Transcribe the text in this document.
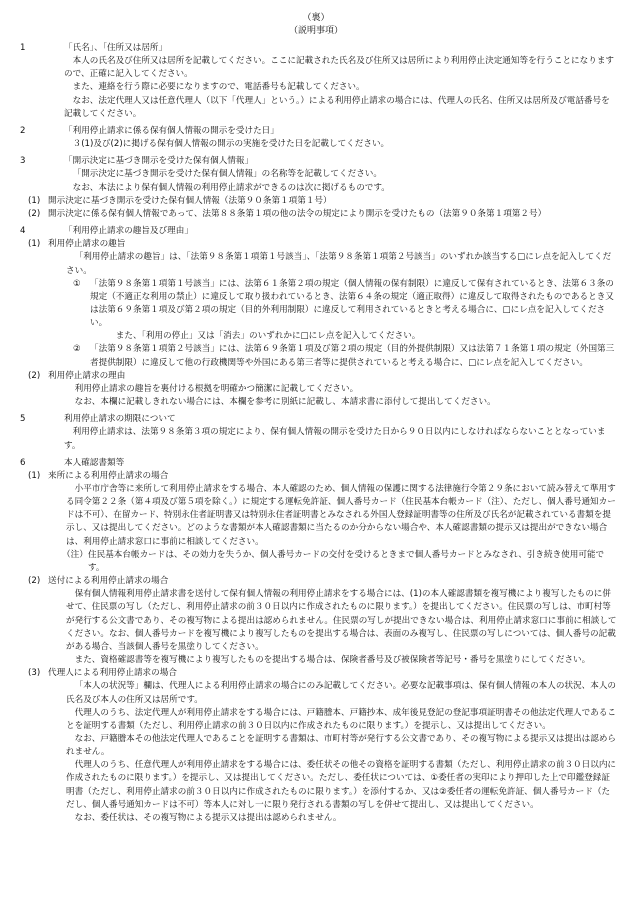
（裏）
（説明事項）
1	「氏名」、「住所又は居所」
本人の氏名及び住所又は居所を記載してください。ここに記載された氏名及び住所又は居所により利用停止決定通知等を行うことになりますので、正確に記入してください。
また、連絡を行う際に必要になりますので、電話番号も記載してください。
なお、法定代理人又は任意代理人（以下「代理人」という。）による利用停止請求の場合には、代理人の氏名、住所又は居所及び電話番号を記載してください。
2	「利用停止請求に係る保有個人情報の開示を受けた日」
３(1)及び(2)に掲げる保有個人情報の開示の実施を受けた日を記載してください。
3	「開示決定に基づき開示を受けた保有個人情報」
「開示決定に基づき開示を受けた保有個人情報」の名称等を記載してください。
なお、本法により保有個人情報の利用停止請求ができるのは次に掲げるものです。
(1) 開示決定に基づき開示を受けた保有個人情報（法第９０条第１項第１号）
(2) 開示決定に係る保有個人情報であって、法第８８条第１項の他の法令の規定により開示を受けたもの（法第９０条第１項第２号）
4	「利用停止請求の趣旨及び理由」
(1) 利用停止請求の趣旨
「利用停止請求の趣旨」は、「法第９８条第１項第１号該当」、「法第９８条第１項第２号該当」のいずれか該当する□にレ点を記入してください。
① 「法第９８条第１項第１号該当」には、法第６１条第２項の規定（個人情報の保有制限）に違反して保有されているとき、法第６３条の規定（不適正な利用の禁止）に違反して取り扱われているとき、法第６４条の規定（適正取得）に違反して取得されたものであるとき又は法第６９条第１項及び第２項の規定（目的外利用制限）に違反して利用されているときと考える場合に、□にレ点を記入してください。
また、「利用の停止」又は「消去」のいずれかに□にレ点を記入してください。
② 「法第９８条第１項第２号該当」には、法第６９条第１項及び第２項の規定（目的外提供制限）又は法第７１条第１項の規定（外国第三者提供制限）に違反して他の行政機関等や外国にある第三者等に提供されていると考える場合に、□にレ点を記入してください。
(2) 利用停止請求の理由
利用停止請求の趣旨を裏付ける根拠を明確かつ簡潔に記載してください。
なお、本欄に記載しきれない場合には、本欄を参考に別紙に記載し、本請求書に添付して提出してください。
5	利用停止請求の期限について
利用停止請求は、法第９８条第３項の規定により、保有個人情報の開示を受けた日から９０日以内にしなければならないこととなっています。
6	本人確認書類等
(1) 来所による利用停止請求の場合
小平市庁舎等に来所して利用停止請求をする場合、本人確認のため、個人情報の保護に関する法律施行令第２９条において読み替えて準用する同令第２２条（第４項及び第５項を除く。）に規定する運転免許証、個人番号カード（住民基本台帳カード（注）、ただし、個人番号通知カードは不可）、在留カード、特別永住者証明書又は特別永住者証明書とみなされる外国人登録証明書等の住所及び氏名が記載されている書類を提示し、又は提出してください。どのような書類が本人確認書類に当たるのか分からない場合や、本人確認書類の提示又は提出ができない場合は、利用停止請求窓口に事前に相談してください。
（注） 住民基本台帳カードは、その効力を失うか、個人番号カードの交付を受けるときまで個人番号カードとみなされ、引き続き使用可能です。
(2) 送付による利用停止請求の場合
保有個人情報利用停止請求書を送付して保有個人情報の利用停止請求をする場合には、(1)の本人確認書類を複写機により複写したものに併せて、住民票の写し（ただし、利用停止請求の前３０日以内に作成されたものに限ります。）を提出してください。住民票の写しは、市町村等が発行する公文書であり、その複写物による提出は認められません。住民票の写しが提出できない場合は、利用停止請求窓口に事前に相談してください。なお、個人番号カードを複写機により複写したものを提出する場合は、表面のみ複写し、住民票の写しについては、個人番号の記載がある場合、当該個人番号を黒塗りしてください。
また、資格確認書等を複写機により複写したものを提出する場合は、保険者番号及び被保険者等記号・番号を黒塗りにしてください。
(3) 代理人による利用停止請求の場合
「本人の状況等」欄は、代理人による利用停止請求の場合にのみ記載してください。必要な記載事項は、保有個人情報の本人の状況、本人の氏名及び本人の住所又は居所です。
代理人のうち、法定代理人が利用停止請求をする場合には、戸籍謄本、戸籍抄本、成年後見登記の登記事項証明書その他法定代理人であることを証明する書類（ただし、利用停止請求の前３０日以内に作成されたものに限ります。）を提示し、又は提出してください。
なお、戸籍謄本その他法定代理人であることを証明する書類は、市町村等が発行する公文書であり、その複写物による提示又は提出は認められません。
代理人のうち、任意代理人が利用停止請求をする場合には、委任状その他その資格を証明する書類（ただし、利用停止請求の前３０日以内に作成されたものに限ります。）を提示し、又は提出してください。ただし、委任状については、①委任者の実印により押印した上で印鑑登録証明書（ただし、利用停止請求の前３０日以内に作成されたものに限ります。）を添付するか、又は②委任者の運転免許証、個人番号カード（ただし、個人番号通知カードは不可）等本人に対し一に限り発行される書類の写しを併せて提出し、又は提出してください。
なお、委任状は、その複写物による提示又は提出は認められません。
